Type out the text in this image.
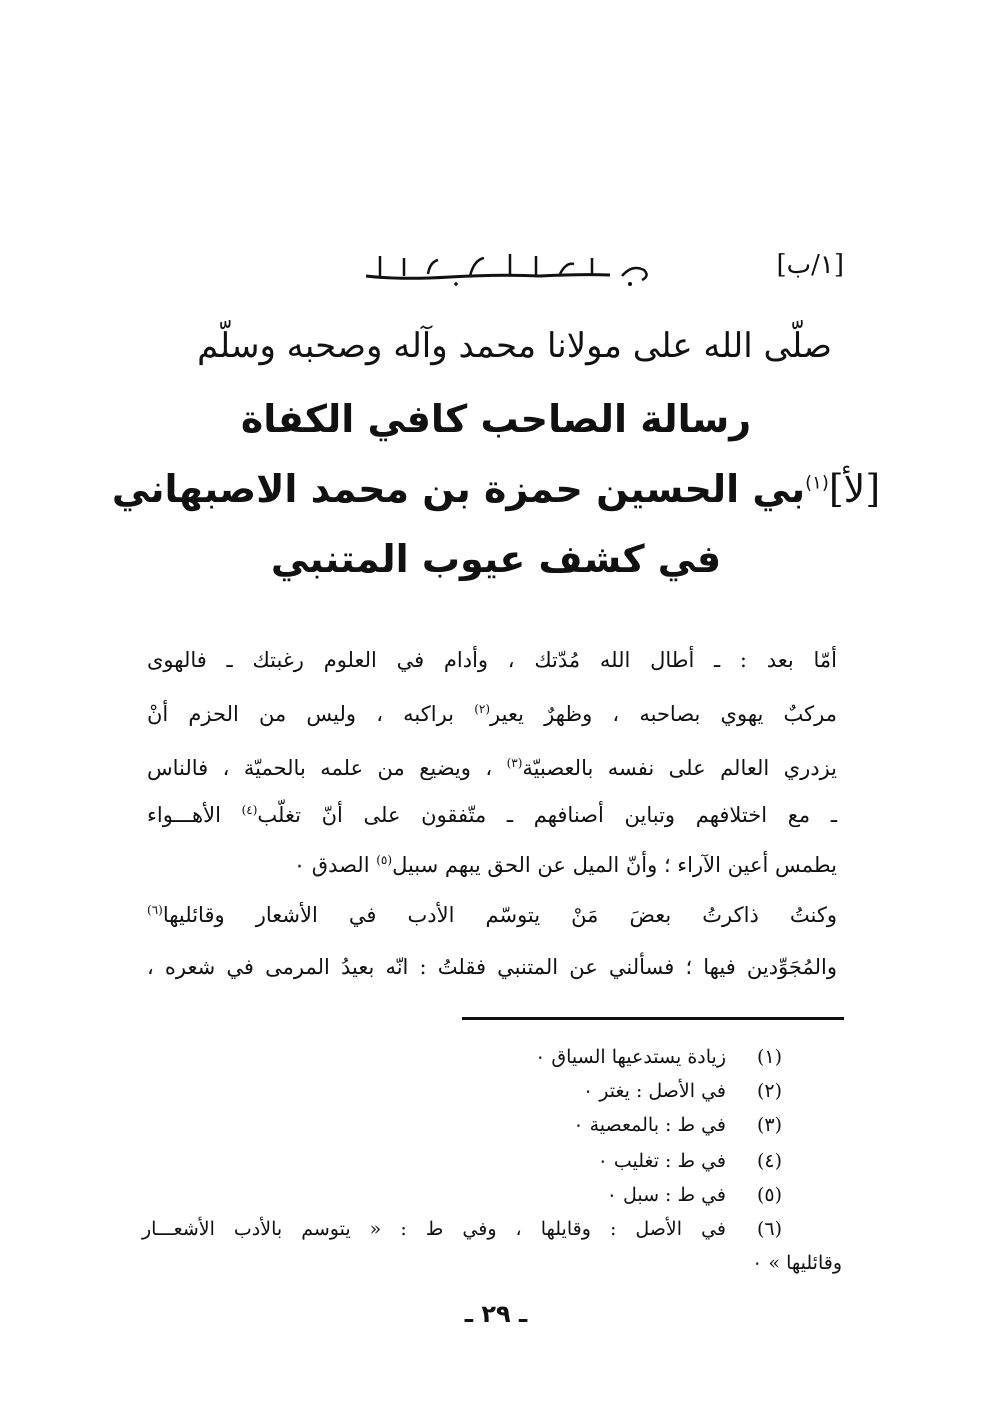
[١/ب]
صلّى الله على مولانا محمد وآله وصحبه وسلّم
رسالة الصاحب كافي الكفاة
[لأ]$^{(١)}$بي الحسين حمزة بن محمد الاصبهاني
في كشف عيوب المتنبي
أمّا بعد : ـ أطال الله مُدّتك ، وأدام في العلوم رغبتك ـ فالهوى
مركبٌ يهوي بصاحبه ، وظهرٌ يعير$^{(٢)}$ براكبه ، وليس من الحزم أنْ
يزدري العالم على نفسه بالعصبيّة$^{(٣)}$ ، ويضيع من علمه بالحميّة ، فالناس
ـ مع اختلافهم وتباين أصنافهم ـ متّفقون على أنّ تغلّب$^{(٤)}$ الأهـــواء
يطمس أعين الآراء ؛ وأنّ الميل عن الحق يبهم سبيل$^{(٥)}$ الصدق ٠
وكنتُ ذاكرتُ بعضَ مَنْ يتوسّم الأدب في الأشعار وقائليها$^{(٦)}$
والمُجَوِّدين فيها ؛ فسألني عن المتنبي فقلتُ : انّه بعيدُ المرمى في شعره ،
(١)زيادة يستدعيها السياق ٠
(٢)في الأصل : يغتر ٠
(٣)في ط : بالمعصية ٠
(٤)في ط : تغليب ٠
(٥)في ط : سبل ٠
(٦)في الأصل : وقايلها ، وفي ط : « يتوسم بالأدب الأشعـــار
وقائليها » ٠
ـ ٢٩ ـ
